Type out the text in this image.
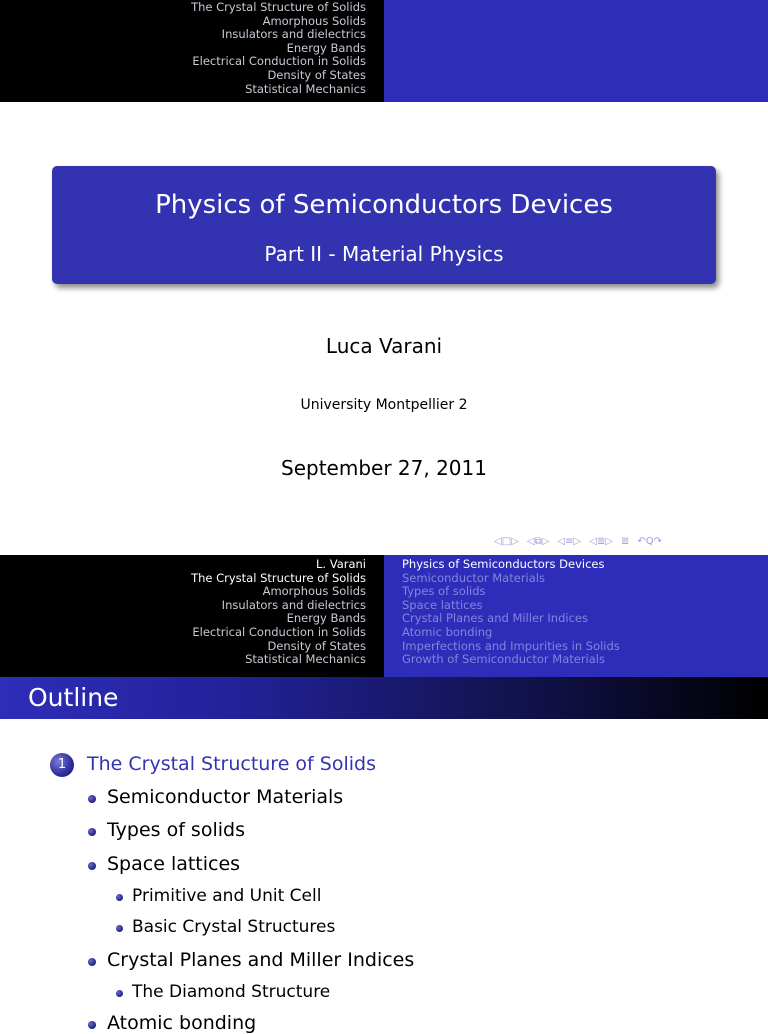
The Crystal Structure of Solids
Amorphous Solids
Insulators and dielectrics
Energy Bands
Electrical Conduction in Solids
Density of States
Statistical Mechanics
Physics of Semiconductors Devices
Part II - Material Physics
Luca Varani
University Montpellier 2
September 27, 2011
◁□▷ ◁⧉▷ ◁≡▷ ◁≣▷ ≣ ↶Q↷
L. Varani
The Crystal Structure of Solids
Amorphous Solids
Insulators and dielectrics
Energy Bands
Electrical Conduction in Solids
Density of States
Statistical Mechanics
Physics of Semiconductors Devices
Semiconductor Materials
Types of solids
Space lattices
Crystal Planes and Miller Indices
Atomic bonding
Imperfections and Impurities in Solids
Growth of Semiconductor Materials
Outline
1	The Crystal Structure of Solids
Semiconductor Materials
Types of solids
Space lattices
Primitive and Unit Cell
Basic Crystal Structures
Crystal Planes and Miller Indices
The Diamond Structure
Atomic bonding
